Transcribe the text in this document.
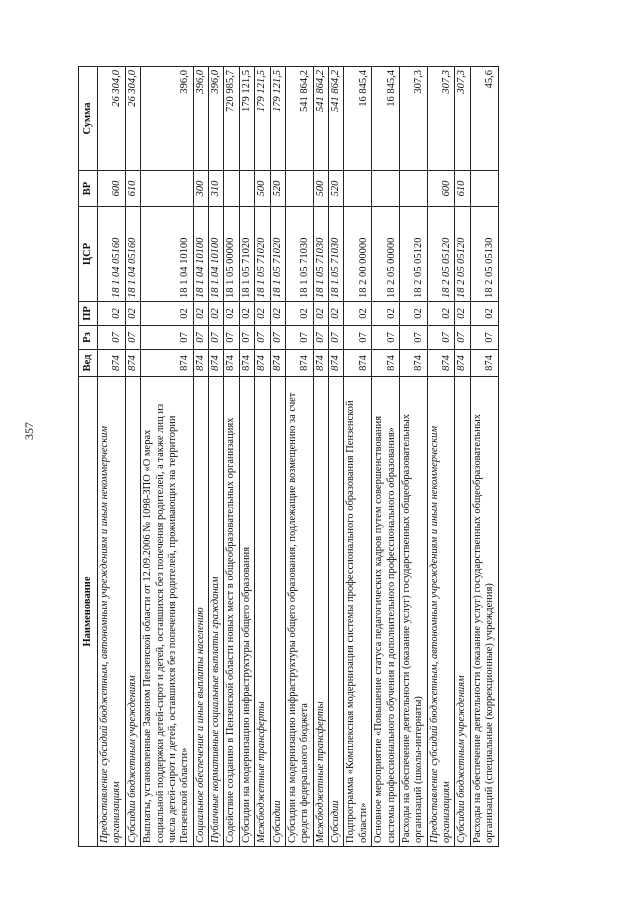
357
Наименование	Вед	Рз	ПР	ЦСР	ВР	Сумма
Предоставление субсидий бюджетным, автономным учреждениям и иным некоммерческим организациям	874	07	02	18 1 04 05160	600	26 304,0
Субсидии бюджетным учреждениям	874	07	02	18 1 04 05160	610	26 304,0
Выплаты, установленные Законом Пензенской области от 12.09.2006 № 1098-ЗПО «О мерах социальной поддержки детей-сирот и детей, оставшихся без попечения родителей, а также лиц из числа детей-сирот и детей, оставшихся без попечения родителей, проживающих на территории Пензенской области»	874	07	02	18 1 04 10100		396,0
Социальное обеспечение и иные выплаты населению	874	07	02	18 1 04 10100	300	396,0
Публичные нормативные социальные выплаты гражданам	874	07	02	18 1 04 10100	310	396,0
Содействие созданию в Пензенской области новых мест в общеобразовательных организациях	874	07	02	18 1 05 00000		720 985,7
Субсидии на модернизацию инфраструктуры общего образования	874	07	02	18 1 05 71020		179 121,5
Межбюджетные трансферты	874	07	02	18 1 05 71020	500	179 121,5
Субсидии	874	07	02	18 1 05 71020	520	179 121,5
Субсидии на модернизацию инфраструктуры общего образования, подлежащие возмещению за счет средств федерального бюджета	874	07	02	18 1 05 71030		541 864,2
Межбюджетные трансферты	874	07	02	18 1 05 71030	500	541 864,2
Субсидии	874	07	02	18 1 05 71030	520	541 864,2
Подпрограмма «Комплексная модернизация системы профессионального образования Пензенской области»	874	07	02	18 2 00 00000		16 845,4
Основное мероприятие «Повышение статуса педагогических кадров путем совершенствования системы профессионального обучения и дополнительного профессионального образования»	874	07	02	18 2 05 00000		16 845,4
Расходы на обеспечение деятельности (оказание услуг) государственных общеобразовательных организаций (школы-интернаты)	874	07	02	18 2 05 05120		307,3
Предоставление субсидий бюджетным, автономным учреждениям и иным некоммерческим организациям	874	07	02	18 2 05 05120	600	307,3
Субсидии бюджетным учреждениям	874	07	02	18 2 05 05120	610	307,3
Расходы на обеспечение деятельности (оказание услуг) государственных общеобразовательных организаций (специальные (коррекционные) учреждения)	874	07	02	18 2 05 05130		45,6
